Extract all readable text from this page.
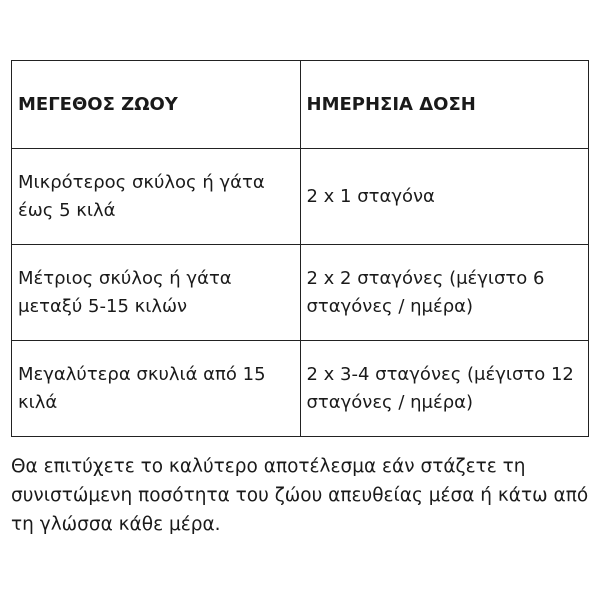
ΜΕΓΕΘΟΣ ΖΩΟΥ	ΗΜΕΡΗΣΙΑ ΔΟΣΗ
Μικρότερος σκύλος ή γάτα έως 5 κιλά	2 x 1 σταγόνα
Μέτριος σκύλος ή γάτα μεταξύ 5-15 κιλών	2 x 2 σταγόνες (μέγιστο 6 σταγόνες / ημέρα)
Μεγαλύτερα σκυλιά από 15 κιλά	2 x 3-4 σταγόνες (μέγιστο 12 σταγόνες / ημέρα)

Θα επιτύχετε το καλύτερο αποτέλεσμα εάν στάζετε τη συνιστώμενη ποσότητα του ζώου απευθείας μέσα ή κάτω από τη γλώσσα κάθε μέρα.
